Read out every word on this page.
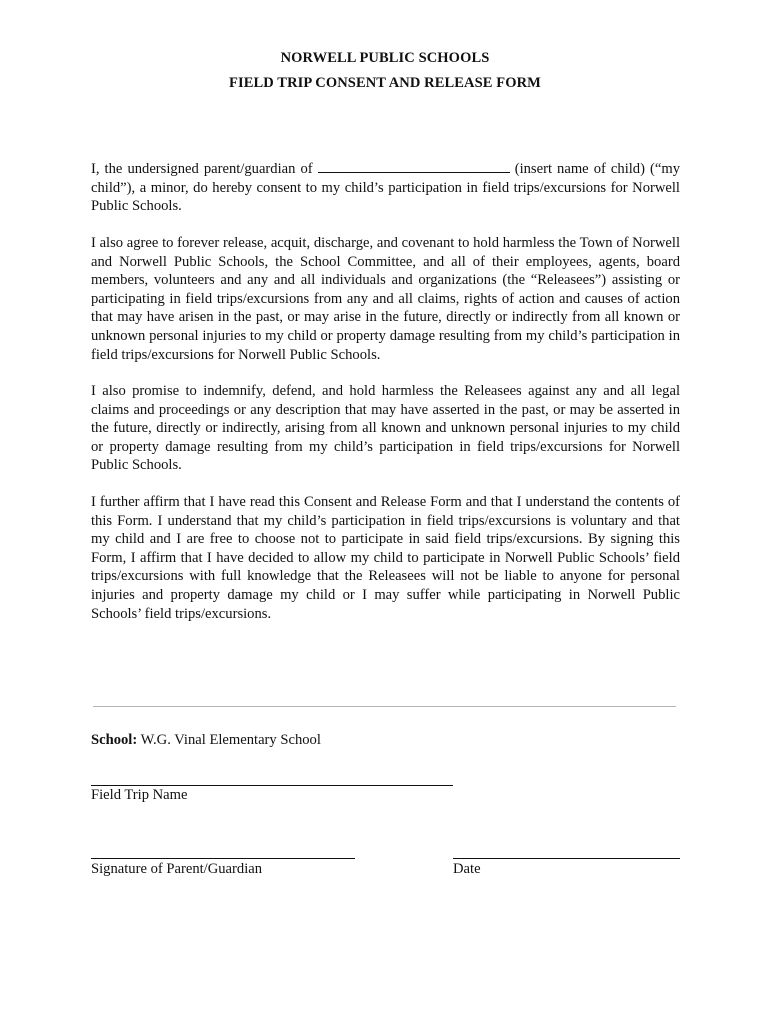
NORWELL PUBLIC SCHOOLS
FIELD TRIP CONSENT AND RELEASE FORM
I, the undersigned parent/guardian of	(insert name of child) (“my child”), a minor, do hereby consent to my child’s participation in field trips/excursions for Norwell Public Schools.
I also agree to forever release, acquit, discharge, and covenant to hold harmless the Town of Norwell and Norwell Public Schools, the School Committee, and all of their employees, agents, board members, volunteers and any and all individuals and organizations (the “Releasees”) assisting or participating in field trips/excursions from any and all claims, rights of action and causes of action that may have arisen in the past, or may arise in the future, directly or indirectly from all known or unknown personal injuries to my child or property damage resulting from my child’s participation in field trips/excursions for Norwell Public Schools.
I also promise to indemnify, defend, and hold harmless the Releasees against any and all legal claims and proceedings or any description that may have asserted in the past, or may be asserted in the future, directly or indirectly, arising from all known and unknown personal injuries to my child or property damage resulting from my child’s participation in field trips/excursions for Norwell Public Schools.
I further affirm that I have read this Consent and Release Form and that I understand the contents of this Form. I understand that my child’s participation in field trips/excursions is voluntary and that my child and I are free to choose not to participate in said field trips/excursions. By signing this Form, I affirm that I have decided to allow my child to participate in Norwell Public Schools’ field trips/excursions with full knowledge that the Releasees will not be liable to anyone for personal injuries and property damage my child or I may suffer while participating in Norwell Public Schools’ field trips/excursions.
School: W.G. Vinal Elementary School
Field Trip Name
Signature of Parent/Guardian	Date
